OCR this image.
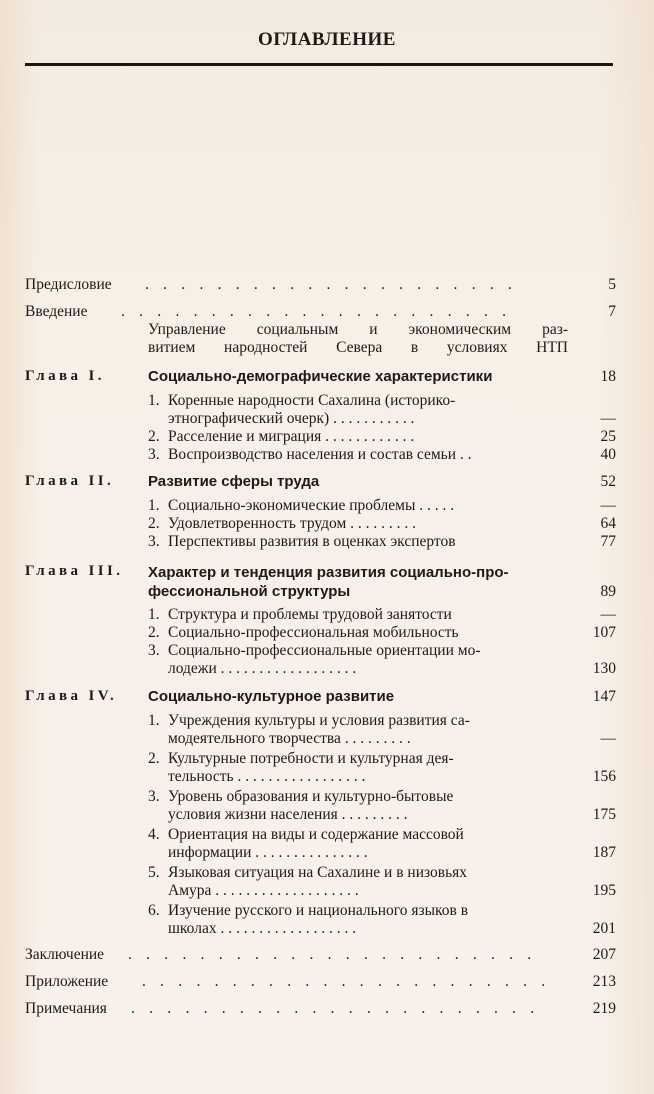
ОГЛАВЛЕНИЕ
Предисловие . . . . . . . . . . . . . . . . . . . . .	5
Введение . . . . . . . . . . . . . . . . . . . . . .	7
Управление социальным и экономическим раз-
витием народностей Севера в условиях НТП
Глава I.	Социально-демографические характеристики	18
1. Коренные народности Сахалина (историко-
этнографический очерк) . . . . . . . . . . .	—
2. Расселение и миграция . . . . . . . . . . . .	25
3. Воспроизводство населения и состав семьи . .	40
Глава II. Развитие сферы труда	52
1. Социально-экономические проблемы . . . . .	—
2. Удовлетворенность трудом . . . . . . . . .	64
3. Перспективы развития в оценках экспертов	77
Глава III. Характер и тенденция развития социально-про-
фессиональной структуры	89
1. Структура и проблемы трудовой занятости	—
2. Социально-профессиональная мобильность	107
3. Социально-профессиональные ориентации мо-
лодежи . . . . . . . . . . . . . . . . . .	130
Глава IV. Социально-культурное развитие	147
1. Учреждения культуры и условия развития са-
модеятельного творчества . . . . . . . . .	—
2. Культурные потребности и культурная дея-
тельность . . . . . . . . . . . . . . . . .	156
3. Уровень образования и культурно-бытовые
условия жизни населения . . . . . . . . .	175
4. Ориентация на виды и содержание массовой
информации . . . . . . . . . . . . . . .	187
5. Языковая ситуация на Сахалине и в низовьях
Амура . . . . . . . . . . . . . . . . . . .	195
6. Изучение русского и национального языков в
школах . . . . . . . . . . . . . . . . . .	201
Заключение . . . . . . . . . . . . . . . . . . . . . . .	207
Приложение . . . . . . . . . . . . . . . . . . . . . . .	213
Примечания . . . . . . . . . . . . . . . . . . . . . . .	219
